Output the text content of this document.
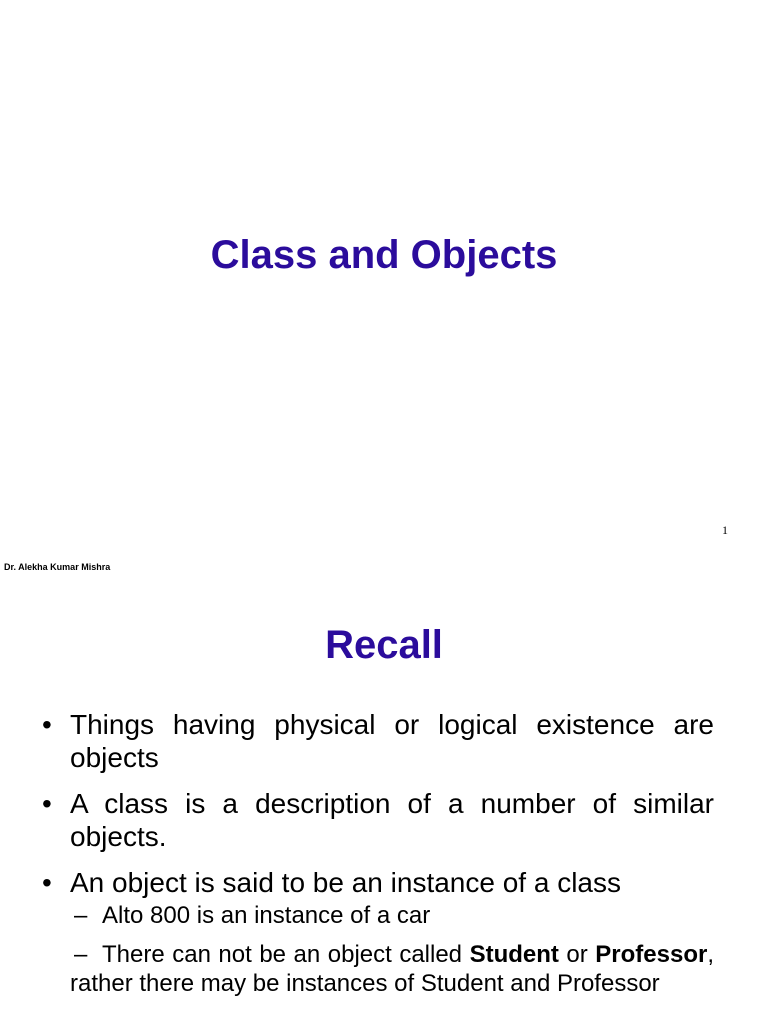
Class and Objects
1
Dr. Alekha Kumar Mishra
Recall
• Things having physical or logical existence are objects
• A class is a description of a number of similar objects.
• An object is said to be an instance of a class
– Alto 800 is an instance of a car
– There can not be an object called Student or Professor, rather there may be instances of Student and Professor
